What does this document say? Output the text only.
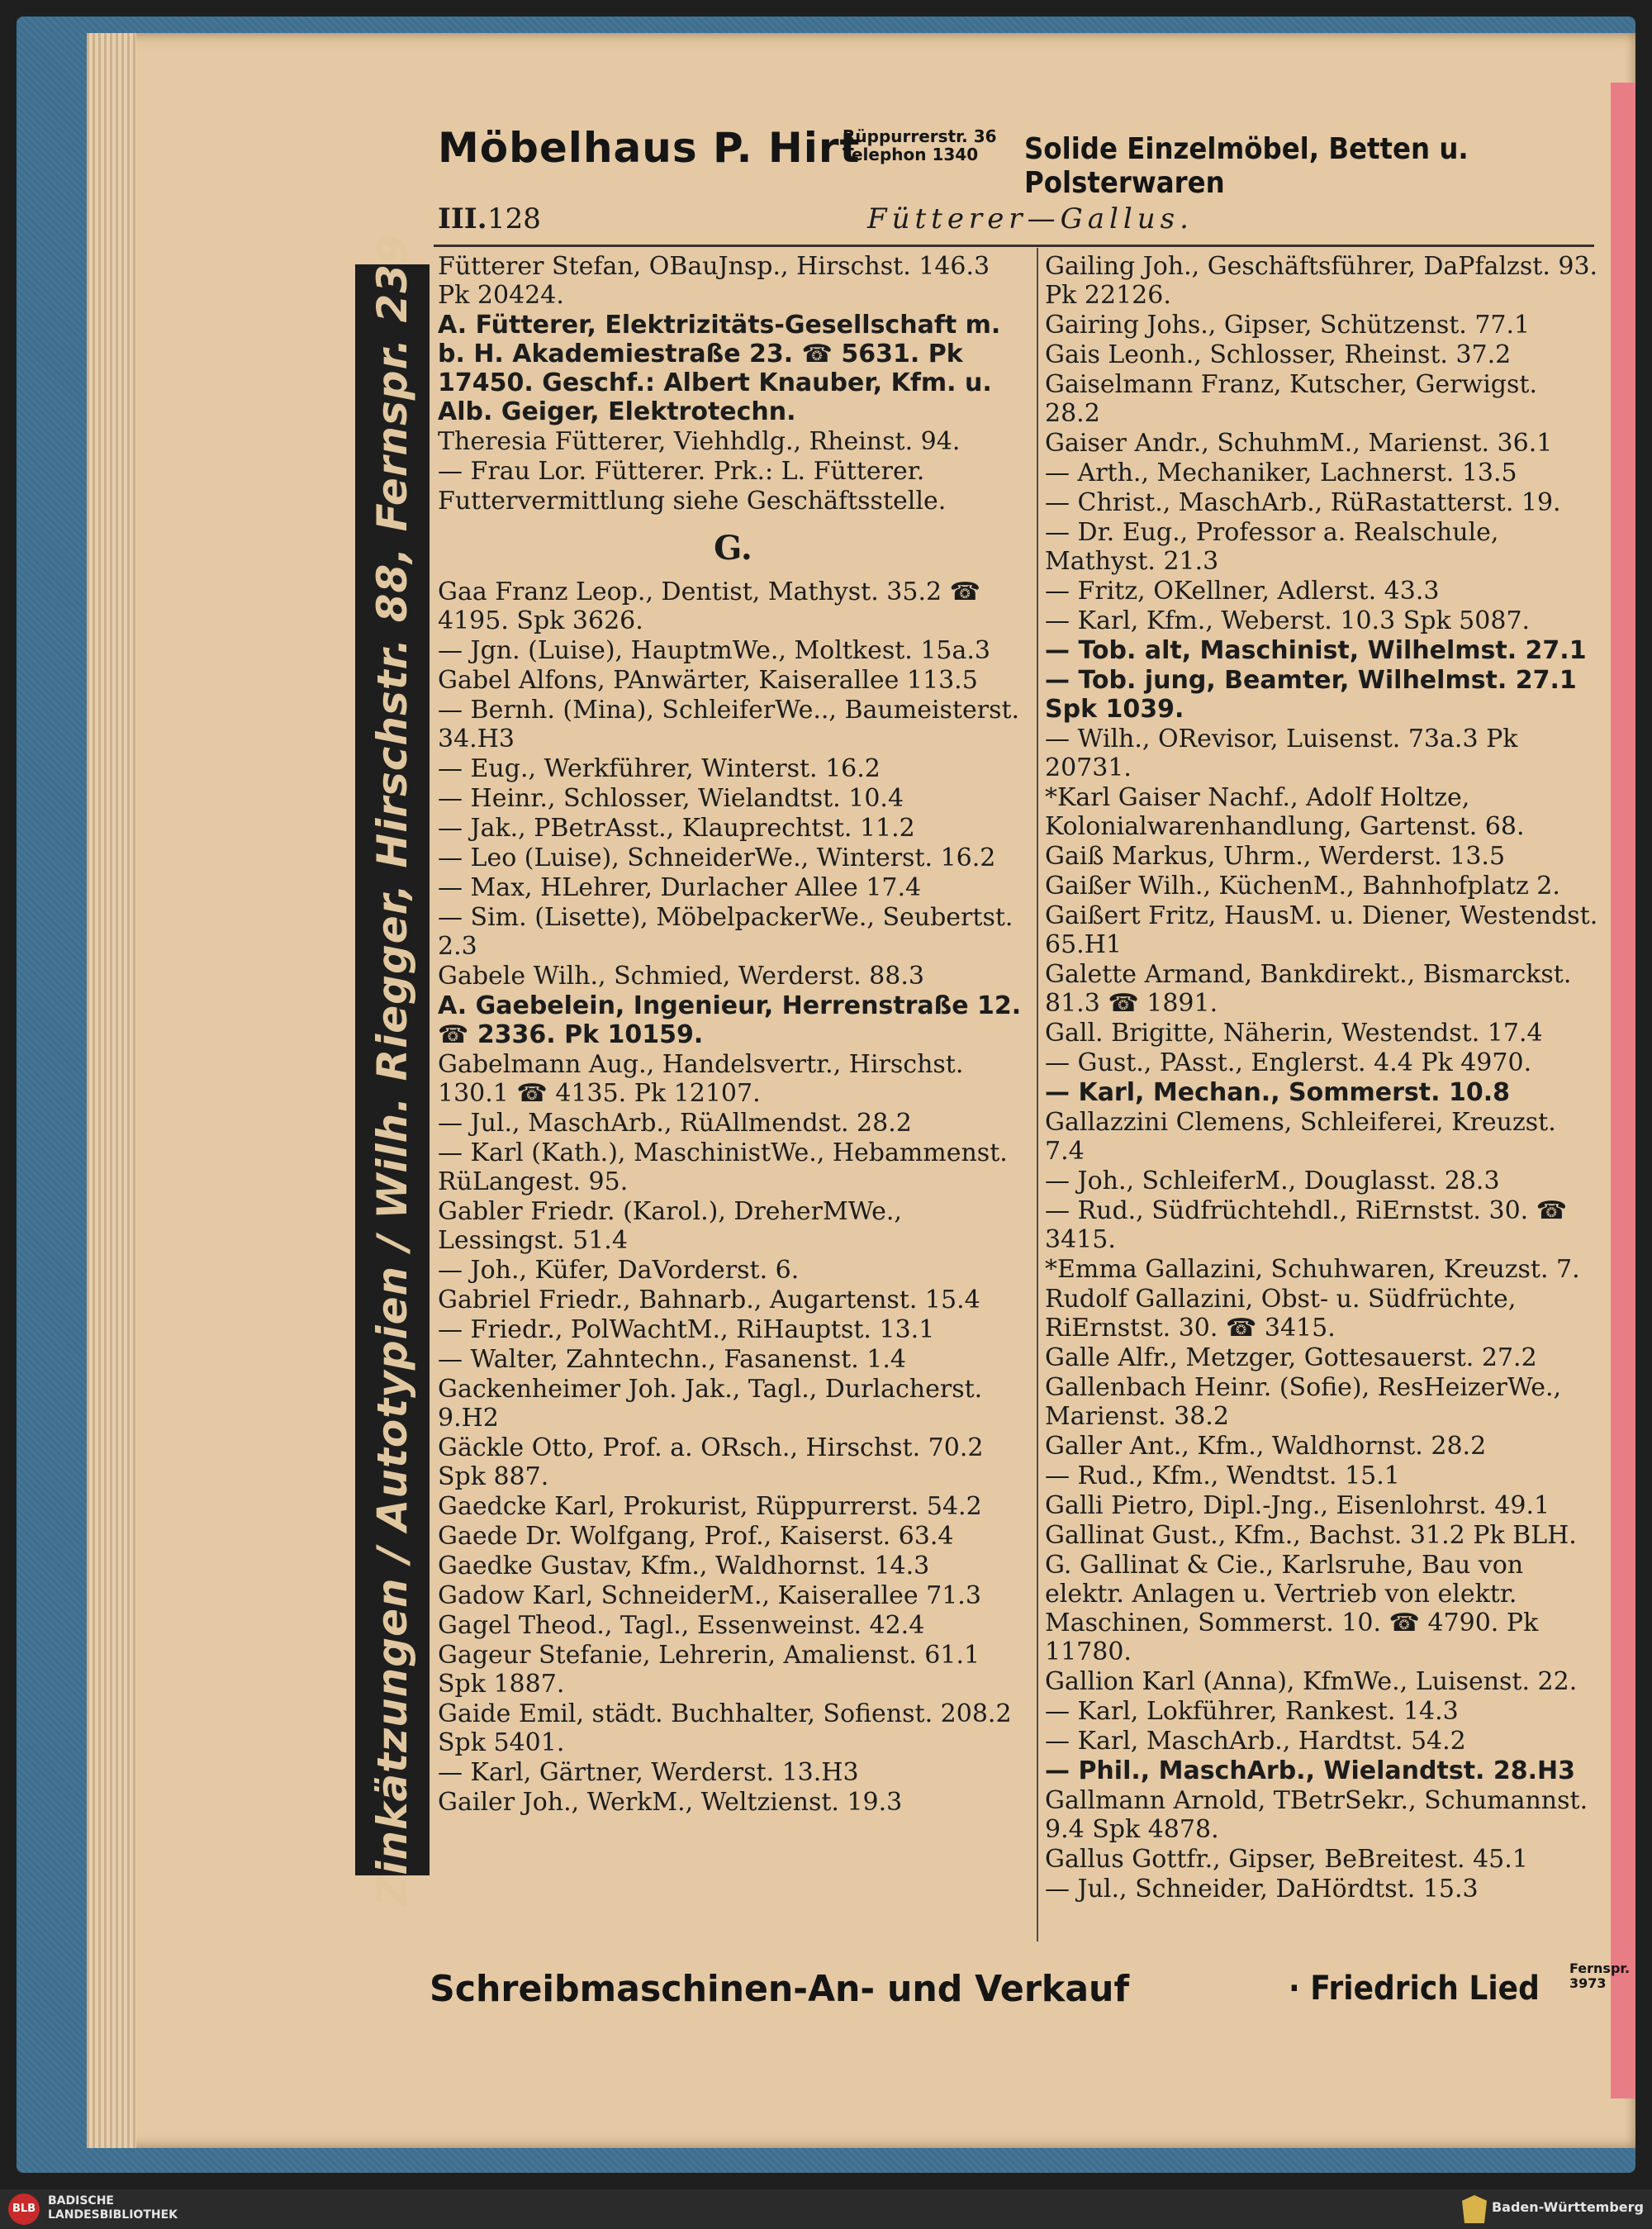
Möbelhaus P. Hirt
Rüppurrerstr. 36
Telephon 1340	Solide Einzelmöbel, Betten u. Polsterwaren
III. 128	Fütterer—Gallus.
Zinkätzungen / Autotypien / Wilh. Riegger, Hirschstr. 88, Fernspr. 239 Fütterer Stefan, OBauJnsp., Hirschst. 146.3 Pk 20424.
A. Fütterer, Elektrizitäts-Gesellschaft m. b. H. Akademiestraße 23. ☎ 5631. Pk 17450. Geschf.: Albert Knauber, Kfm. u. Alb. Geiger, Elektrotechn.
Theresia Fütterer, Viehhdlg., Rheinst. 94.
— Frau Lor. Fütterer. Prk.: L. Fütterer.
Futtervermittlung siehe Geschäftsstelle.
G.
Gaa Franz Leop., Dentist, Mathyst. 35.2 ☎ 4195. Spk 3626.
— Jgn. (Luise), HauptmWe., Moltkest. 15a.3
Gabel Alfons, PAnwärter, Kaiserallee 113.5
— Bernh. (Mina), SchleiferWe.., Baumeisterst. 34.H3
— Eug., Werkführer, Winterst. 16.2
— Heinr., Schlosser, Wielandtst. 10.4
— Jak., PBetrAsst., Klauprechtst. 11.2
— Leo (Luise), SchneiderWe., Winterst. 16.2
— Max, HLehrer, Durlacher Allee 17.4
— Sim. (Lisette), MöbelpackerWe., Seubertst. 2.3
Gabele Wilh., Schmied, Werderst. 88.3
A. Gaebelein, Ingenieur, Herrenstraße 12. ☎ 2336. Pk 10159.
Gabelmann Aug., Handelsvertr., Hirschst. 130.1 ☎ 4135. Pk 12107.
— Jul., MaschArb., RüAllmendst. 28.2
— Karl (Kath.), MaschinistWe., Hebammenst. RüLangest. 95.
Gabler Friedr. (Karol.), DreherMWe., Lessingst. 51.4
— Joh., Küfer, DaVorderst. 6.
Gabriel Friedr., Bahnarb., Augartenst. 15.4
— Friedr., PolWachtM., RiHauptst. 13.1
— Walter, Zahntechn., Fasanenst. 1.4
Gackenheimer Joh. Jak., Tagl., Durlacherst. 9.H2
Gäckle Otto, Prof. a. ORsch., Hirschst. 70.2 Spk 887.
Gaedcke Karl, Prokurist, Rüppurrerst. 54.2
Gaede Dr. Wolfgang, Prof., Kaiserst. 63.4
Gaedke Gustav, Kfm., Waldhornst. 14.3
Gadow Karl, SchneiderM., Kaiserallee 71.3
Gagel Theod., Tagl., Essenweinst. 42.4
Gageur Stefanie, Lehrerin, Amalienst. 61.1 Spk 1887.
Gaide Emil, städt. Buchhalter, Sofienst. 208.2 Spk 5401.
— Karl, Gärtner, Werderst. 13.H3
Gailer Joh., WerkM., Weltzienst. 19.3
Gailing Joh., Geschäftsführer, DaPfalzst. 93. Pk 22126.
Gairing Johs., Gipser, Schützenst. 77.1
Gais Leonh., Schlosser, Rheinst. 37.2
Gaiselmann Franz, Kutscher, Gerwigst. 28.2
Gaiser Andr., SchuhmM., Marienst. 36.1
— Arth., Mechaniker, Lachnerst. 13.5
— Christ., MaschArb., RüRastatterst. 19.
— Dr. Eug., Professor a. Realschule, Mathyst. 21.3
— Fritz, OKellner, Adlerst. 43.3
— Karl, Kfm., Weberst. 10.3 Spk 5087.
— Tob. alt, Maschinist, Wilhelmst. 27.1
— Tob. jung, Beamter, Wilhelmst. 27.1 Spk 1039.
— Wilh., ORevisor, Luisenst. 73a.3 Pk 20731.
*Karl Gaiser Nachf., Adolf Holtze, Kolonialwarenhandlung, Gartenst. 68.
Gaiß Markus, Uhrm., Werderst. 13.5
Gaißer Wilh., KüchenM., Bahnhofplatz 2.
Gaißert Fritz, HausM. u. Diener, Westendst. 65.H1
Galette Armand, Bankdirekt., Bismarckst. 81.3 ☎ 1891.
Gall. Brigitte, Näherin, Westendst. 17.4
— Gust., PAsst., Englerst. 4.4 Pk 4970.
— Karl, Mechan., Sommerst. 10.8
Gallazzini Clemens, Schleiferei, Kreuzst. 7.4
— Joh., SchleiferM., Douglasst. 28.3
— Rud., Südfrüchtehdl., RiErnstst. 30. ☎ 3415.
*Emma Gallazini, Schuhwaren, Kreuzst. 7.
Rudolf Gallazini, Obst- u. Südfrüchte, RiErnstst. 30. ☎ 3415.
Galle Alfr., Metzger, Gottesauerst. 27.2
Gallenbach Heinr. (Sofie), ResHeizerWe., Marienst. 38.2
Galler Ant., Kfm., Waldhornst. 28.2
— Rud., Kfm., Wendtst. 15.1
Galli Pietro, Dipl.-Jng., Eisenlohrst. 49.1
Gallinat Gust., Kfm., Bachst. 31.2 Pk BLH.
G. Gallinat & Cie., Karlsruhe, Bau von elektr. Anlagen u. Vertrieb von elektr. Maschinen, Sommerst. 10. ☎ 4790. Pk 11780.
Gallion Karl (Anna), KfmWe., Luisenst. 22.
— Karl, Lokführer, Rankest. 14.3
— Karl, MaschArb., Hardtst. 54.2
— Phil., MaschArb., Wielandtst. 28.H3
Gallmann Arnold, TBetrSekr., Schumannst. 9.4 Spk 4878.
Gallus Gottfr., Gipser, BeBreitest. 45.1
— Jul., Schneider, DaHördtst. 15.3
Schreibmaschinen-An- und Verkauf	· Friedrich Lied
Fernspr.
3973
BLB
BADISCHE
LANDESBIBLIOTHEK	Baden-Württemberg
